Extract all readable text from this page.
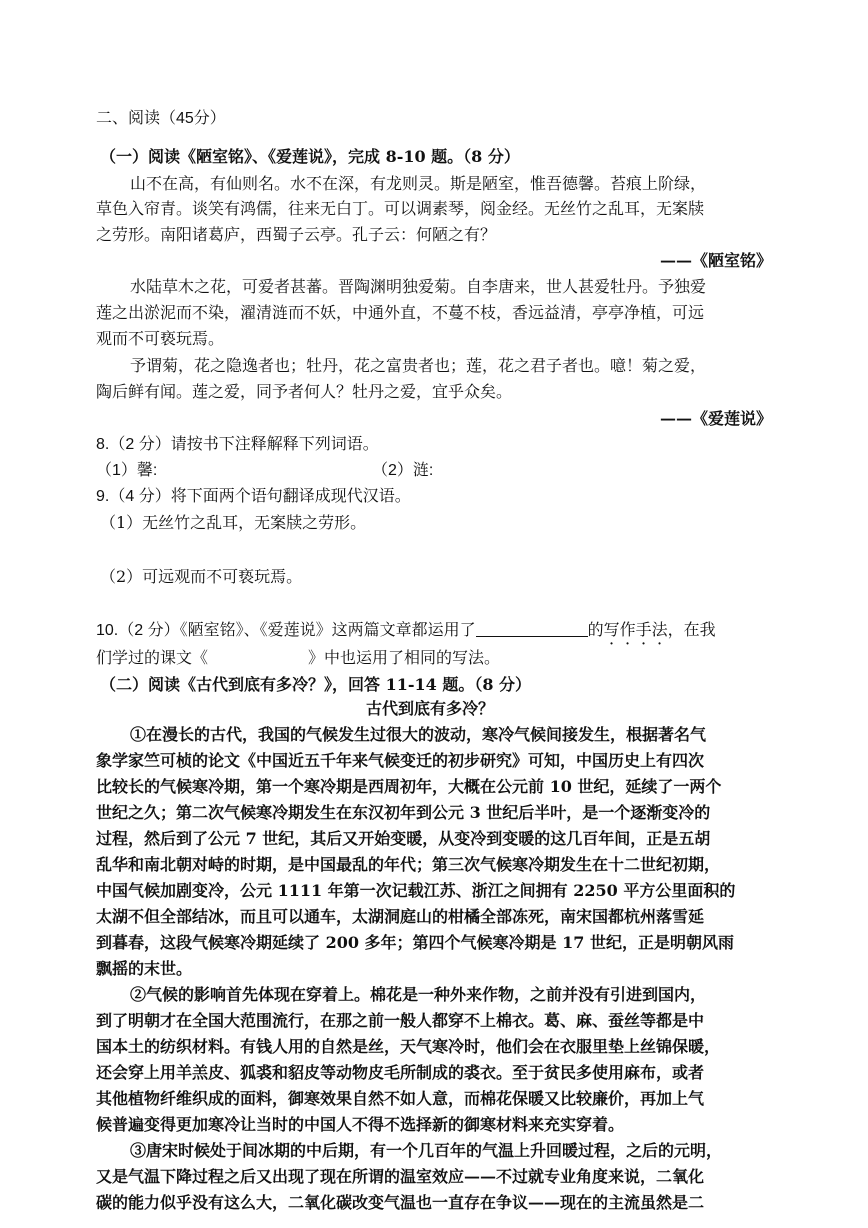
二、阅读（45分）
（一）阅读《陋室铭》、《爱莲说》，完成 8-10 题。（8 分）
山不在高，有仙则名。水不在深，有龙则灵。斯是陋室，惟吾德馨。苔痕上阶绿，
草色入帘青。谈笑有鸿儒，往来无白丁。可以调素琴，阅金经。无丝竹之乱耳，无案牍
之劳形。南阳诸葛庐，西蜀子云亭。孔子云：何陋之有？
——《陋室铭》
水陆草木之花，可爱者甚蕃。晋陶渊明独爱菊。自李唐来，世人甚爱牡丹。予独爱
莲之出淤泥而不染，濯清涟而不妖，中通外直，不蔓不枝，香远益清，亭亭净植，可远
观而不可亵玩焉。
予谓菊，花之隐逸者也；牡丹，花之富贵者也；莲，花之君子者也。噫！菊之爱，
陶后鲜有闻。莲之爱，同予者何人？牡丹之爱，宜乎众矣。
——《爱莲说》
8.（2 分）请按书下注释解释下列词语。
（1）馨:	（2）涟:
9.（4 分）将下面两个语句翻译成现代汉语。
（1）无丝竹之乱耳，无案牍之劳形。
（2）可远观而不可亵玩焉。
10.（2 分）《陋室铭》、《爱莲说》这两篇文章都运用了	的写作手法，在我
们学过的课文《	》中也运用了相同的写法。
（二）阅读《古代到底有多冷？》，回答 11-14 题。（8 分）
古代到底有多冷？
①在漫长的古代，我国的气候发生过很大的波动，寒冷气候间接发生，根据著名气
象学家竺可桢的论文《中国近五千年来气候变迁的初步研究》可知，中国历史上有四次
比较长的气候寒冷期，第一个寒冷期是西周初年，大概在公元前 10 世纪，延续了一两个
世纪之久；第二次气候寒冷期发生在东汉初年到公元 3 世纪后半叶，是一个逐渐变冷的
过程，然后到了公元 7 世纪，其后又开始变暖，从变冷到变暖的这几百年间，正是五胡
乱华和南北朝对峙的时期，是中国最乱的年代；第三次气候寒冷期发生在十二世纪初期，
中国气候加剧变冷，公元 1111 年第一次记载江苏、浙江之间拥有 2250 平方公里面积的
太湖不但全部结冰，而且可以通车，太湖洞庭山的柑橘全部冻死，南宋国都杭州落雪延
到暮春，这段气候寒冷期延续了 200 多年；第四个气候寒冷期是 17 世纪，正是明朝风雨
飘摇的末世。
②气候的影响首先体现在穿着上。棉花是一种外来作物，之前并没有引进到国内，
到了明朝才在全国大范围流行，在那之前一般人都穿不上棉衣。葛、麻、蚕丝等都是中
国本土的纺织材料。有钱人用的自然是丝，天气寒冷时，他们会在衣服里垫上丝锦保暖，
还会穿上用羊羔皮、狐裘和貂皮等动物皮毛所制成的裘衣。至于贫民多使用麻布，或者
其他植物纤维织成的面料，御寒效果自然不如人意，而棉花保暖又比较廉价，再加上气
候普遍变得更加寒冷让当时的中国人不得不选择新的御寒材料来充实穿着。
③唐宋时候处于间冰期的中后期，有一个几百年的气温上升回暖过程，之后的元明，
又是气温下降过程之后又出现了现在所谓的温室效应——不过就专业角度来说，二氧化
碳的能力似乎没有这么大，二氧化碳改变气温也一直存在争议——现在的主流虽然是二
